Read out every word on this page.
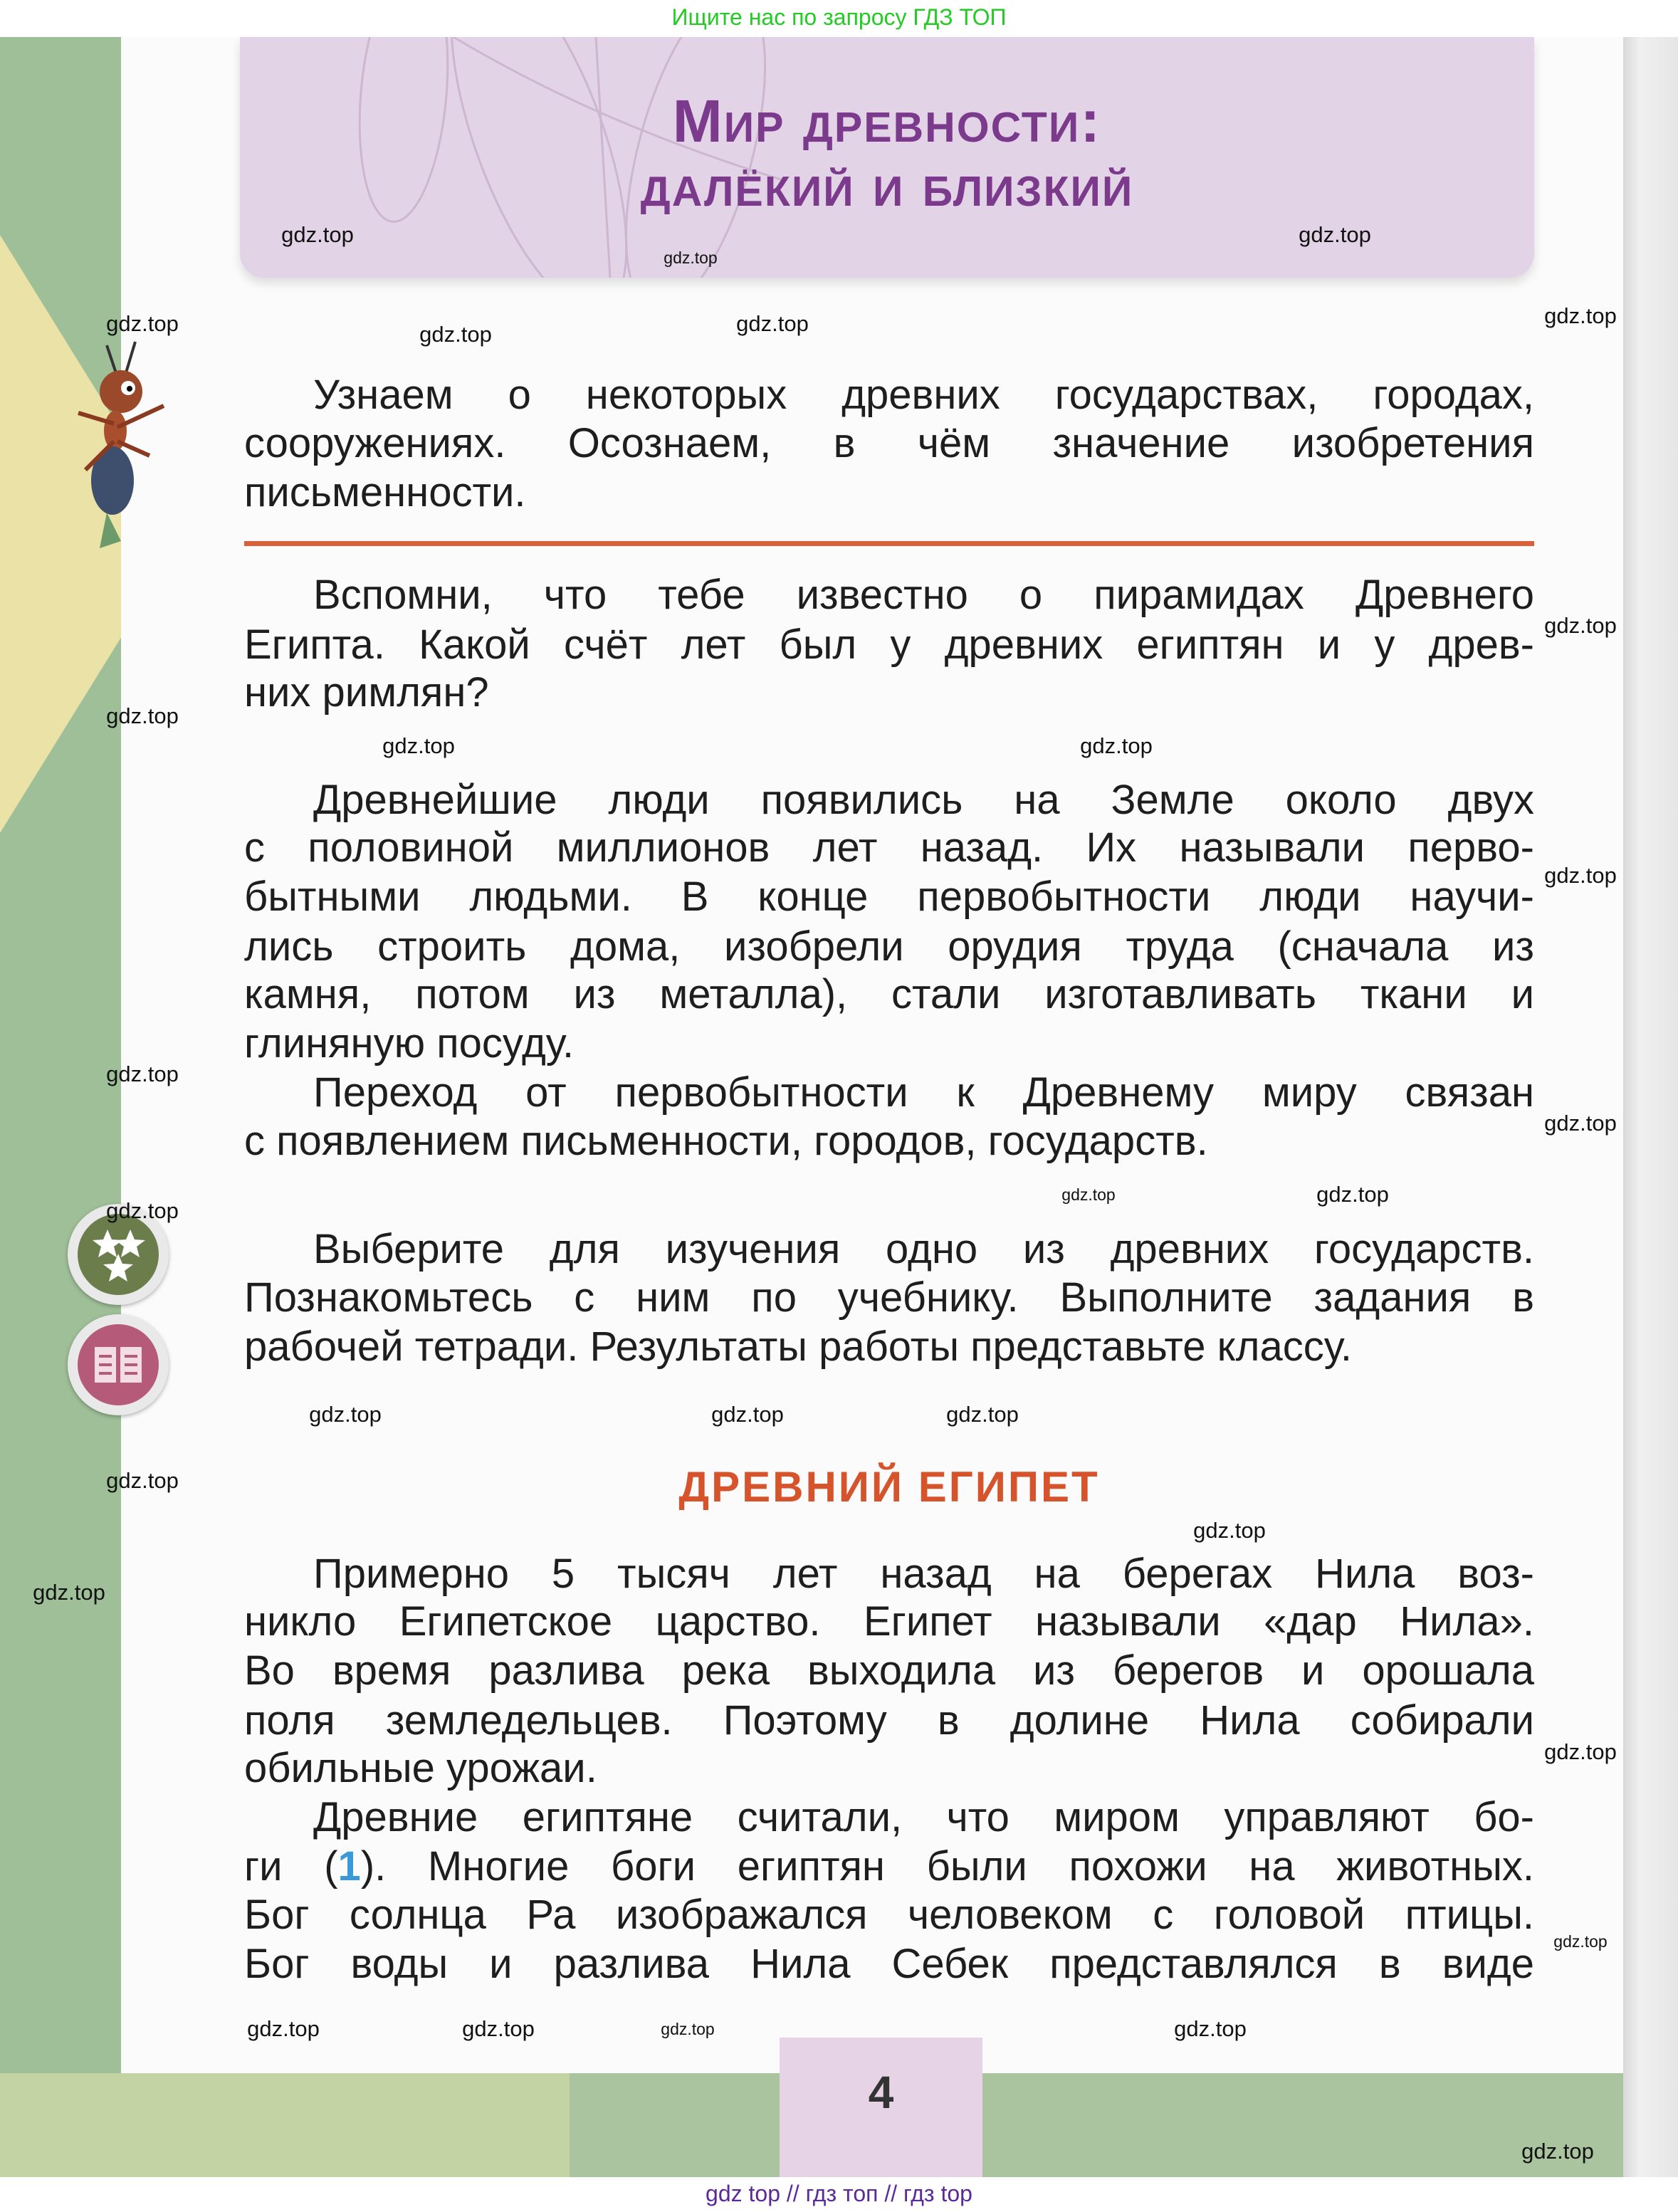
Ищите нас по запросу ГДЗ ТОП
Мир древности:
далёкий и близкий
Узнаем о некоторых древних государствах, городах,
сооружениях. Осознаем, в чём значение изобретения
письменности.
Вспомни, что тебе известно о пирамидах Древнего
Египта. Какой счёт лет был у древних египтян и у древ-
них римлян?
Древнейшие люди появились на Земле около двух
с половиной миллионов лет назад. Их называли перво-
бытными людьми. В конце первобытности люди научи-
лись строить дома, изобрели орудия труда (сначала из
камня, потом из металла), стали изготавливать ткани и
глиняную посуду.
Переход от первобытности к Древнему миру связан
с появлением письменности, городов, государств.
Выберите для изучения одно из древних государств.
Познакомьтесь с ним по учебнику. Выполните задания в
рабочей тетради. Результаты работы представьте классу.
Примерно 5 тысяч лет назад на берегах Нила воз-
никло Египетское царство. Египет называли «дар Нила».
Во время разлива река выходила из берегов и орошала
поля земледельцев. Поэтому в долине Нила собирали
обильные урожаи.
Древние египтяне считали, что миром управляют бо-
ги (1). Многие боги египтян были похожи на животных.
Бог солнца Ра изображался человеком с головой птицы.
Бог воды и разлива Нила Себек представлялся в виде
ДРЕВНИЙ ЕГИПЕТ
4
gdz.top
gdz.top
gdz.top
gdz.top
gdz.top	gdz.top
gdz.top
gdz.top
gdz.top
gdz.top
gdz.top
gdz.top
gdz.top
gdz.top
gdz.top
gdz.top
gdz.top
gdz.top
gdz.top
gdz.top
gdz.top
gdz.top
gdz.top
gdz.top
gdz.top
gdz.top
gdz.top
gdz.top	gdz.top
gdz.top
gdz top // гдз топ // гдз top
